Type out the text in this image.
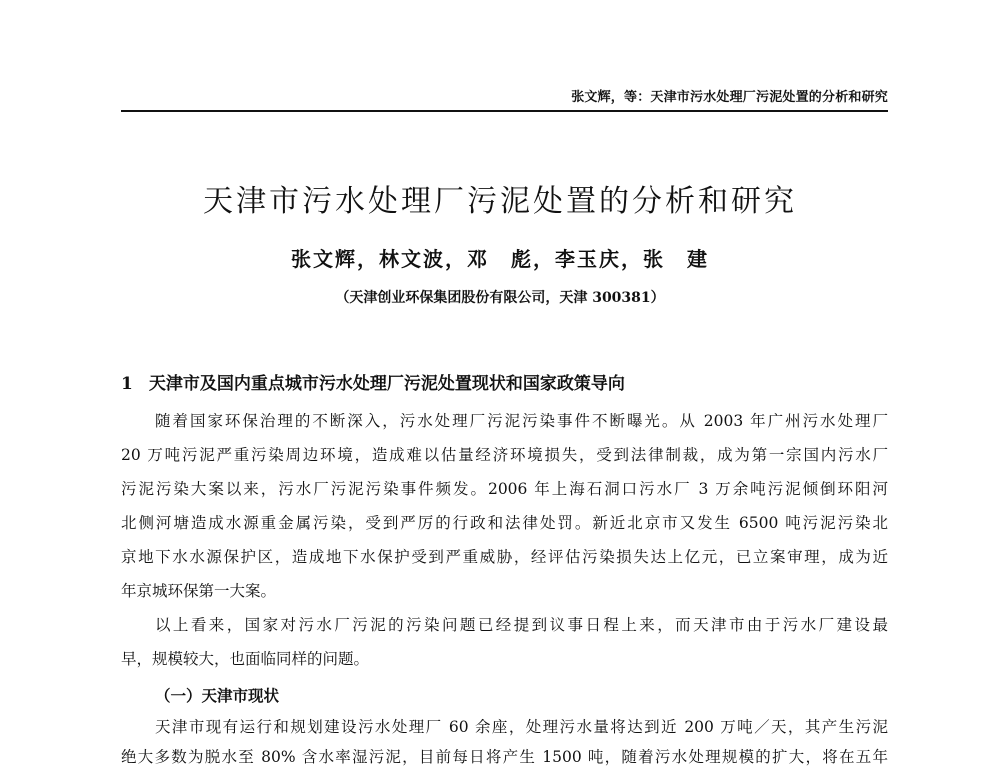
张文辉，等：天津市污水处理厂污泥处置的分析和研究
天津市污水处理厂污泥处置的分析和研究
张文辉，林文波，邓　彪，李玉庆，张　建
（天津创业环保集团股份有限公司，天津 300381）
1 天津市及国内重点城市污水处理厂污泥处置现状和国家政策导向
随着国家环保治理的不断深入，污水处理厂污泥污染事件不断曝光。从 2003 年广州污水处理厂
20 万吨污泥严重污染周边环境，造成难以估量经济环境损失，受到法律制裁，成为第一宗国内污水厂
污泥污染大案以来，污水厂污泥污染事件频发。2006 年上海石洞口污水厂 3 万余吨污泥倾倒环阳河
北侧河塘造成水源重金属污染，受到严厉的行政和法律处罚。新近北京市又发生 6500 吨污泥污染北
京地下水水源保护区，造成地下水保护受到严重威胁，经评估污染损失达上亿元，已立案审理，成为近
年京城环保第一大案。
以上看来，国家对污水厂污泥的污染问题已经提到议事日程上来，而天津市由于污水厂建设最
早，规模较大，也面临同样的问题。
（一）天津市现状
天津市现有运行和规划建设污水处理厂 60 余座，处理污水量将达到近 200 万吨／天，其产生污泥
绝大多数为脱水至 80% 含水率湿污泥，目前每日将产生 1500 吨，随着污水处理规模的扩大，将在五年
